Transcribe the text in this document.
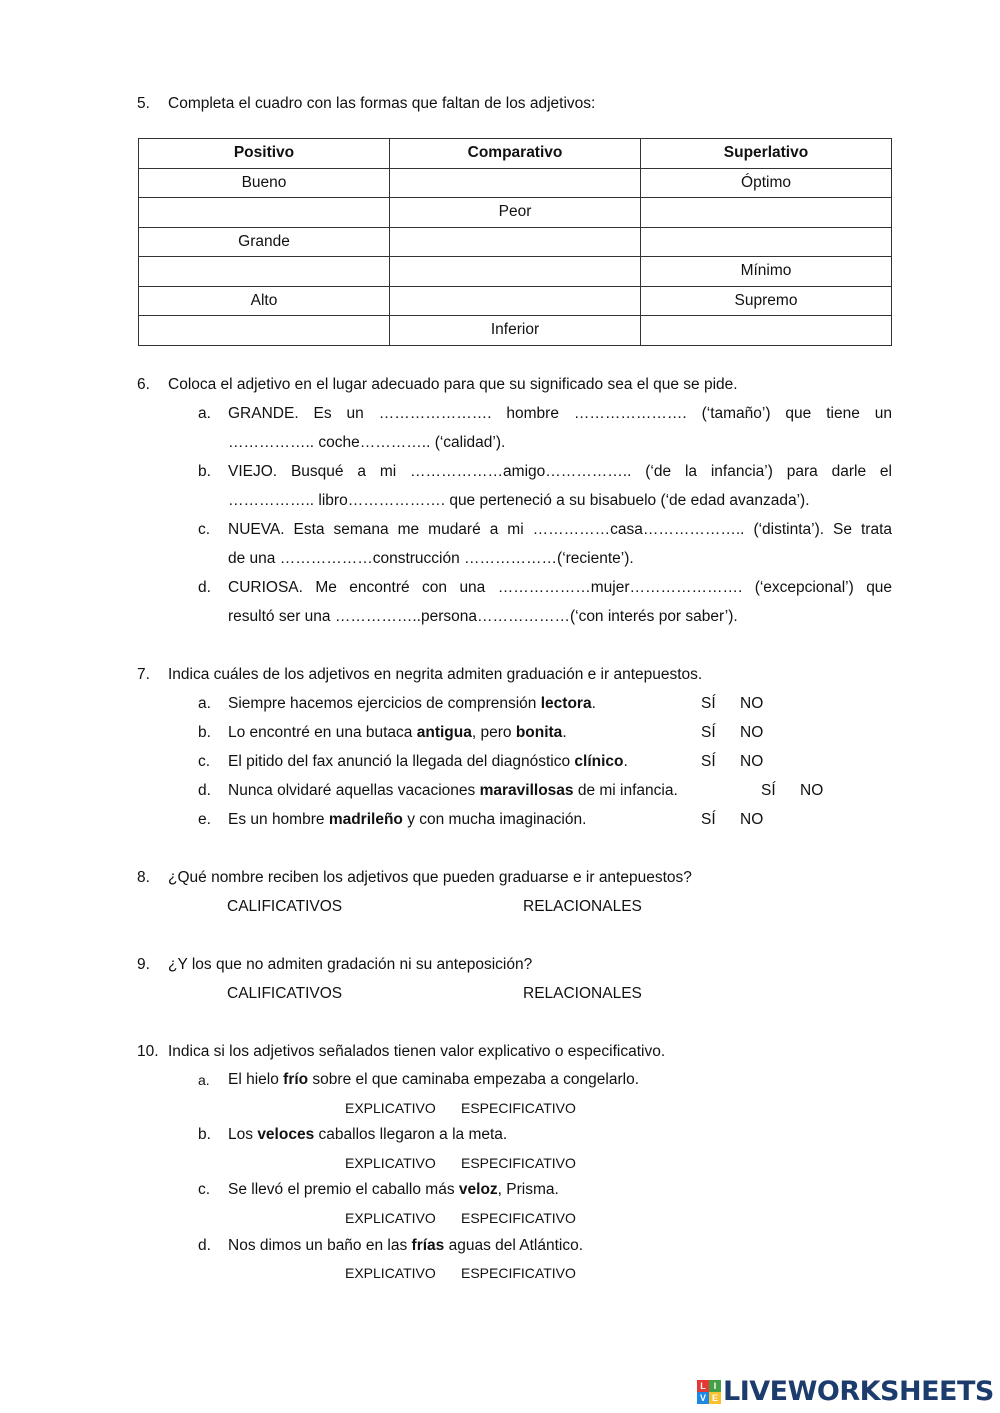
5. Completa el cuadro con las formas que faltan de los adjetivos:
Positivo	Comparativo	Superlativo
Bueno		Óptimo
	Peor	
Grande		
		Mínimo
Alto		Supremo
	Inferior	
6. Coloca el adjetivo en el lugar adecuado para que su significado sea el que se pide.
a. GRANDE. Es un …………………. hombre …………………. (‘tamaño’) que tiene un
…………….. coche………….. (‘calidad’).
b. VIEJO. Busqué a mi ………………amigo…………….. (‘de la infancia’) para darle el
…………….. libro………………. que perteneció a su bisabuelo (‘de edad avanzada’).
c. NUEVA. Esta semana me mudaré a mi ……………casa……………….. (‘distinta’). Se trata
de una ………………construcción ………………(‘reciente’).
d. CURIOSA. Me encontré con una ………………mujer…………………. (‘excepcional’) que
resultó ser una ……………..persona………………(‘con interés por saber’).
7. Indica cuáles de los adjetivos en negrita admiten graduación e ir antepuestos.
a. Siempre hacemos ejercicios de comprensión lectora.	SÍ NO
b. Lo encontré en una butaca antigua, pero bonita.	SÍ NO
c. El pitido del fax anunció la llegada del diagnóstico clínico.	SÍ NO
d. Nunca olvidaré aquellas vacaciones maravillosas de mi infancia.	SÍ NO
e. Es un hombre madrileño y con mucha imaginación.	SÍ NO
8. ¿Qué nombre reciben los adjetivos que pueden graduarse e ir antepuestos?
CALIFICATIVOS	RELACIONALES
9. ¿Y los que no admiten gradación ni su anteposición?
CALIFICATIVOS	RELACIONALES
10. Indica si los adjetivos señalados tienen valor explicativo o especificativo.
a. El hielo frío sobre el que caminaba empezaba a congelarlo.
EXPLICATIVO ESPECIFICATIVO
b. Los veloces caballos llegaron a la meta.
EXPLICATIVO ESPECIFICATIVO
c. Se llevó el premio el caballo más veloz, Prisma.
EXPLICATIVO ESPECIFICATIVO
d. Nos dimos un baño en las frías aguas del Atlántico.
EXPLICATIVO ESPECIFICATIVO
L I
V E LIVEWORKSHEETS
